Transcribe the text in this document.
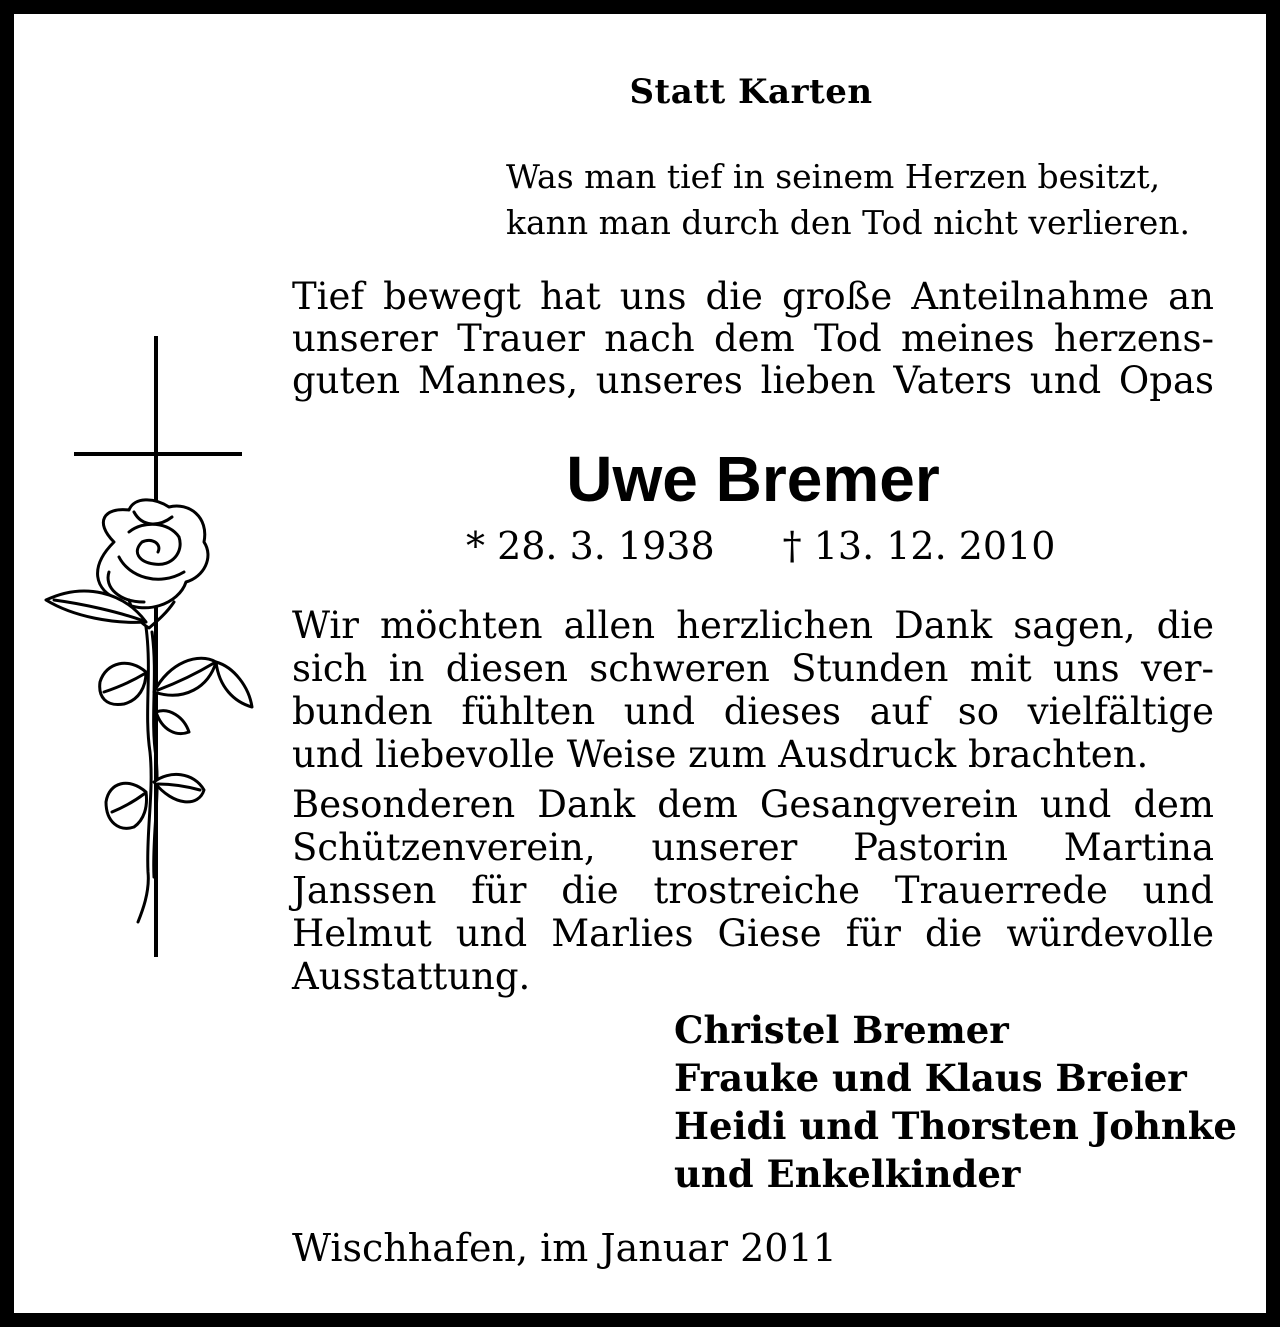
Statt Karten
Was man tief in seinem Herzen besitzt,
kann man durch den Tod nicht verlieren.
Tief bewegt hat uns die große Anteilnahme an
unserer Trauer nach dem Tod meines herzens-
guten Mannes, unseres lieben Vaters und Opas
Uwe Bremer
* 28. 3. 1938 † 13. 12. 2010
Wir möchten allen herzlichen Dank sagen, die
sich in diesen schweren Stunden mit uns ver-
bunden fühlten und dieses auf so vielfältige
und liebevolle Weise zum Ausdruck brachten.
Besonderen Dank dem Gesangverein und dem
Schützenverein, unserer Pastorin Martina
Janssen für die trostreiche Trauerrede und
Helmut und Marlies Giese für die würdevolle
Ausstattung.
Christel Bremer
Frauke und Klaus Breier
Heidi und Thorsten Johnke
und Enkelkinder
Wischhafen, im Januar 2011
